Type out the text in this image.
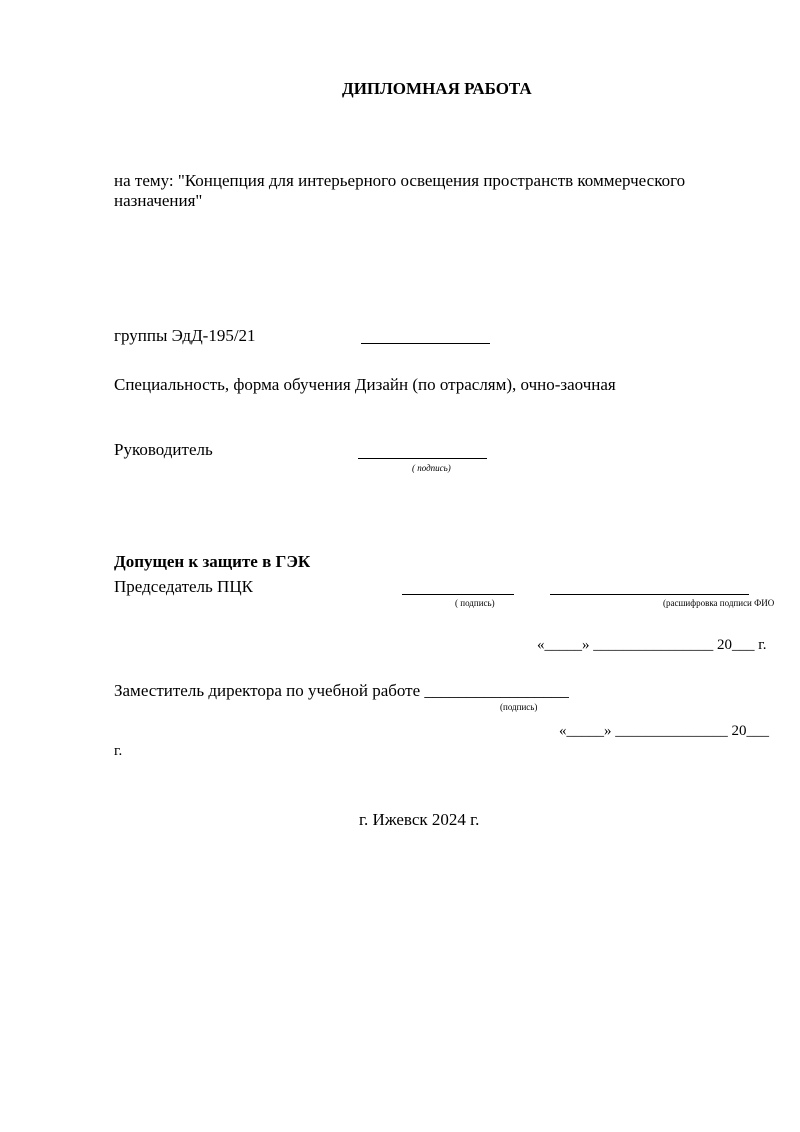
ДИПЛОМНАЯ РАБОТА
на тему: "Концепция для интерьерного освещения пространств коммерческого
назначения"
группы ЭдД-195/21
Специальность, форма обучения Дизайн (по отраслям), очно-заочная
Руководитель
( подпись)
Допущен к защите в ГЭК
Председатель ПЦК
( подпись)	(расшифровка подписи ФИО
«_____» ________________ 20___ г.
Заместитель директора по учебной работе _________________
(подпись)
«_____» _______________ 20___
г.
г. Ижевск 2024 г.
